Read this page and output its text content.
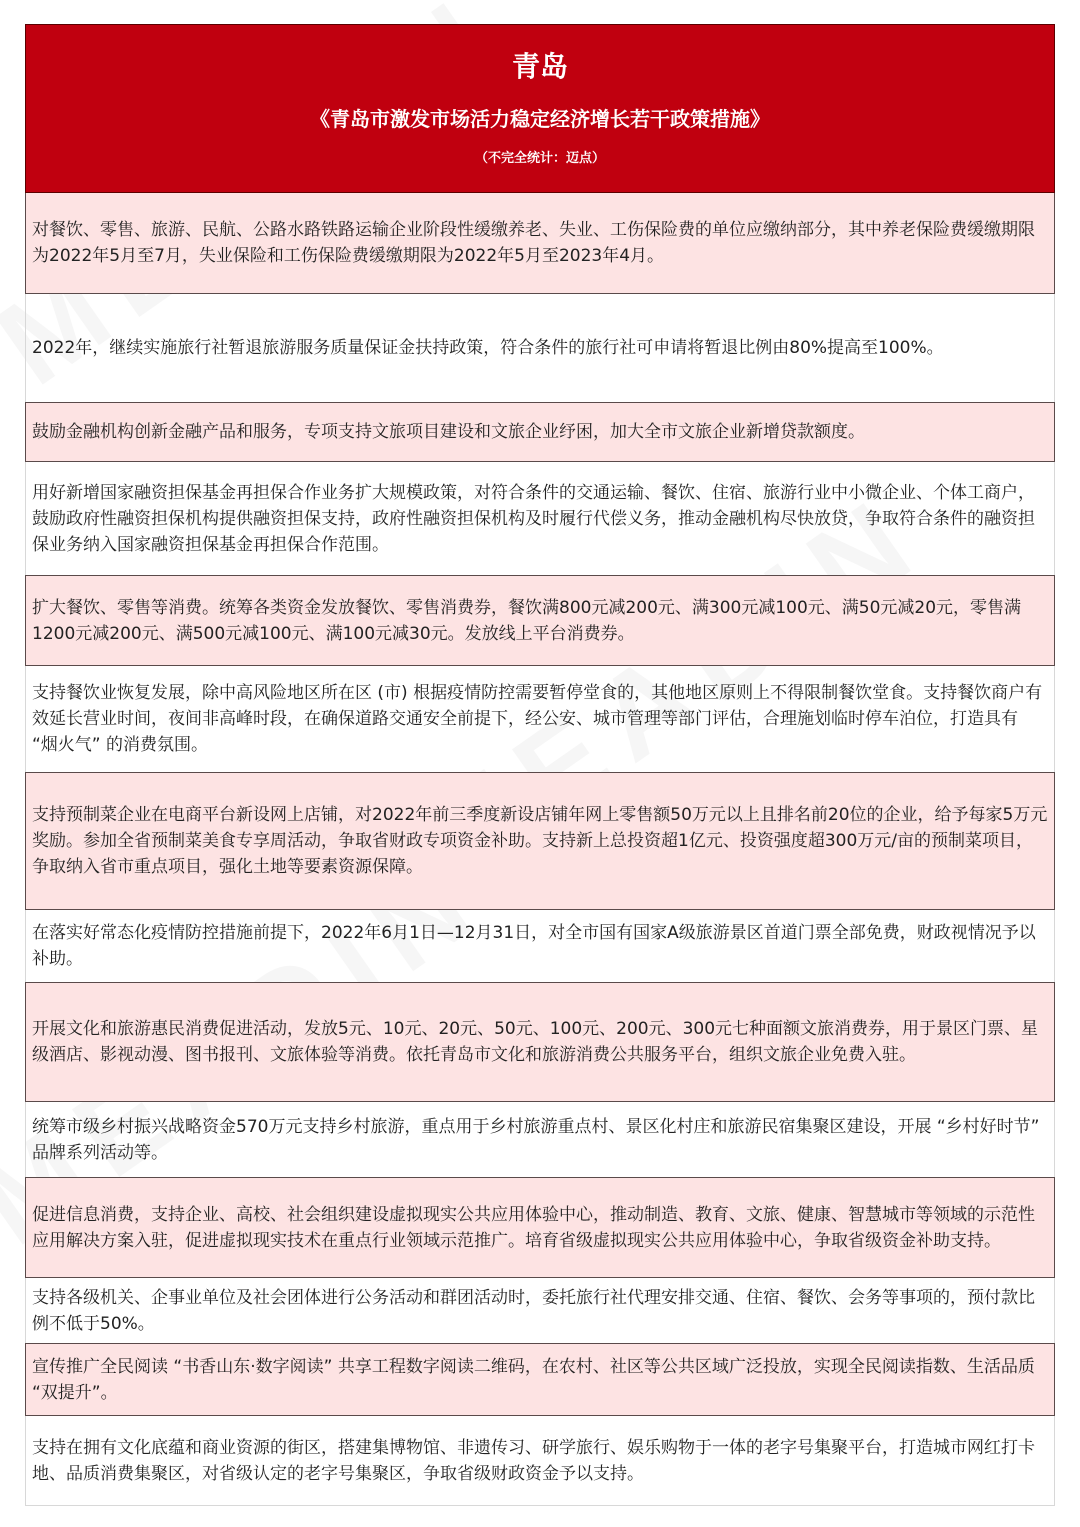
青岛
《青岛市激发市场活力稳定经济增长若干政策措施》
（不完全统计：迈点）
对餐饮、零售、旅游、民航、公路水路铁路运输企业阶段性缓缴养老、失业、工伤保险费的单位应缴纳部分，其中养老保险费缓缴期限为2022年5月至7月，失业保险和工伤保险费缓缴期限为2022年5月至2023年4月。
2022年，继续实施旅行社暂退旅游服务质量保证金扶持政策，符合条件的旅行社可申请将暂退比例由80%提高至100%。
鼓励金融机构创新金融产品和服务，专项支持文旅项目建设和文旅企业纾困，加大全市文旅企业新增贷款额度。
用好新增国家融资担保基金再担保合作业务扩大规模政策，对符合条件的交通运输、餐饮、住宿、旅游行业中小微企业、个体工商户，鼓励政府性融资担保机构提供融资担保支持，政府性融资担保机构及时履行代偿义务，推动金融机构尽快放贷，争取符合条件的融资担保业务纳入国家融资担保基金再担保合作范围。
扩大餐饮、零售等消费。统筹各类资金发放餐饮、零售消费券，餐饮满800元减200元、满300元减100元、满50元减20元，零售满1200元减200元、满500元减100元、满100元减30元。发放线上平台消费券。
支持餐饮业恢复发展，除中高风险地区所在区 (市) 根据疫情防控需要暂停堂食的，其他地区原则上不得限制餐饮堂食。支持餐饮商户有效延长营业时间，夜间非高峰时段，在确保道路交通安全前提下，经公安、城市管理等部门评估，合理施划临时停车泊位，打造具有 “烟火气” 的消费氛围。
支持预制菜企业在电商平台新设网上店铺，对2022年前三季度新设店铺年网上零售额50万元以上且排名前20位的企业，给予每家5万元奖励。参加全省预制菜美食专享周活动，争取省财政专项资金补助。支持新上总投资超1亿元、投资强度超300万元/亩的预制菜项目，争取纳入省市重点项目，强化土地等要素资源保障。
在落实好常态化疫情防控措施前提下，2022年6月1日—12月31日，对全市国有国家A级旅游景区首道门票全部免费，财政视情况予以补助。
开展文化和旅游惠民消费促进活动，发放5元、10元、20元、50元、100元、200元、300元七种面额文旅消费券，用于景区门票、星级酒店、影视动漫、图书报刊、文旅体验等消费。依托青岛市文化和旅游消费公共服务平台，组织文旅企业免费入驻。
统筹市级乡村振兴战略资金570万元支持乡村旅游，重点用于乡村旅游重点村、景区化村庄和旅游民宿集聚区建设，开展 “乡村好时节” 品牌系列活动等。
促进信息消费，支持企业、高校、社会组织建设虚拟现实公共应用体验中心，推动制造、教育、文旅、健康、智慧城市等领域的示范性应用解决方案入驻，促进虚拟现实技术在重点行业领域示范推广。培育省级虚拟现实公共应用体验中心，争取省级资金补助支持。
支持各级机关、企事业单位及社会团体进行公务活动和群团活动时，委托旅行社代理安排交通、住宿、餐饮、会务等事项的，预付款比例不低于50%。
宣传推广全民阅读 “书香山东·数字阅读” 共享工程数字阅读二维码，在农村、社区等公共区域广泛投放，实现全民阅读指数、生活品质 “双提升”。
支持在拥有文化底蕴和商业资源的街区，搭建集博物馆、非遗传习、研学旅行、娱乐购物于一体的老字号集聚平台，打造城市网红打卡地、品质消费集聚区，对省级认定的老字号集聚区，争取省级财政资金予以支持。
